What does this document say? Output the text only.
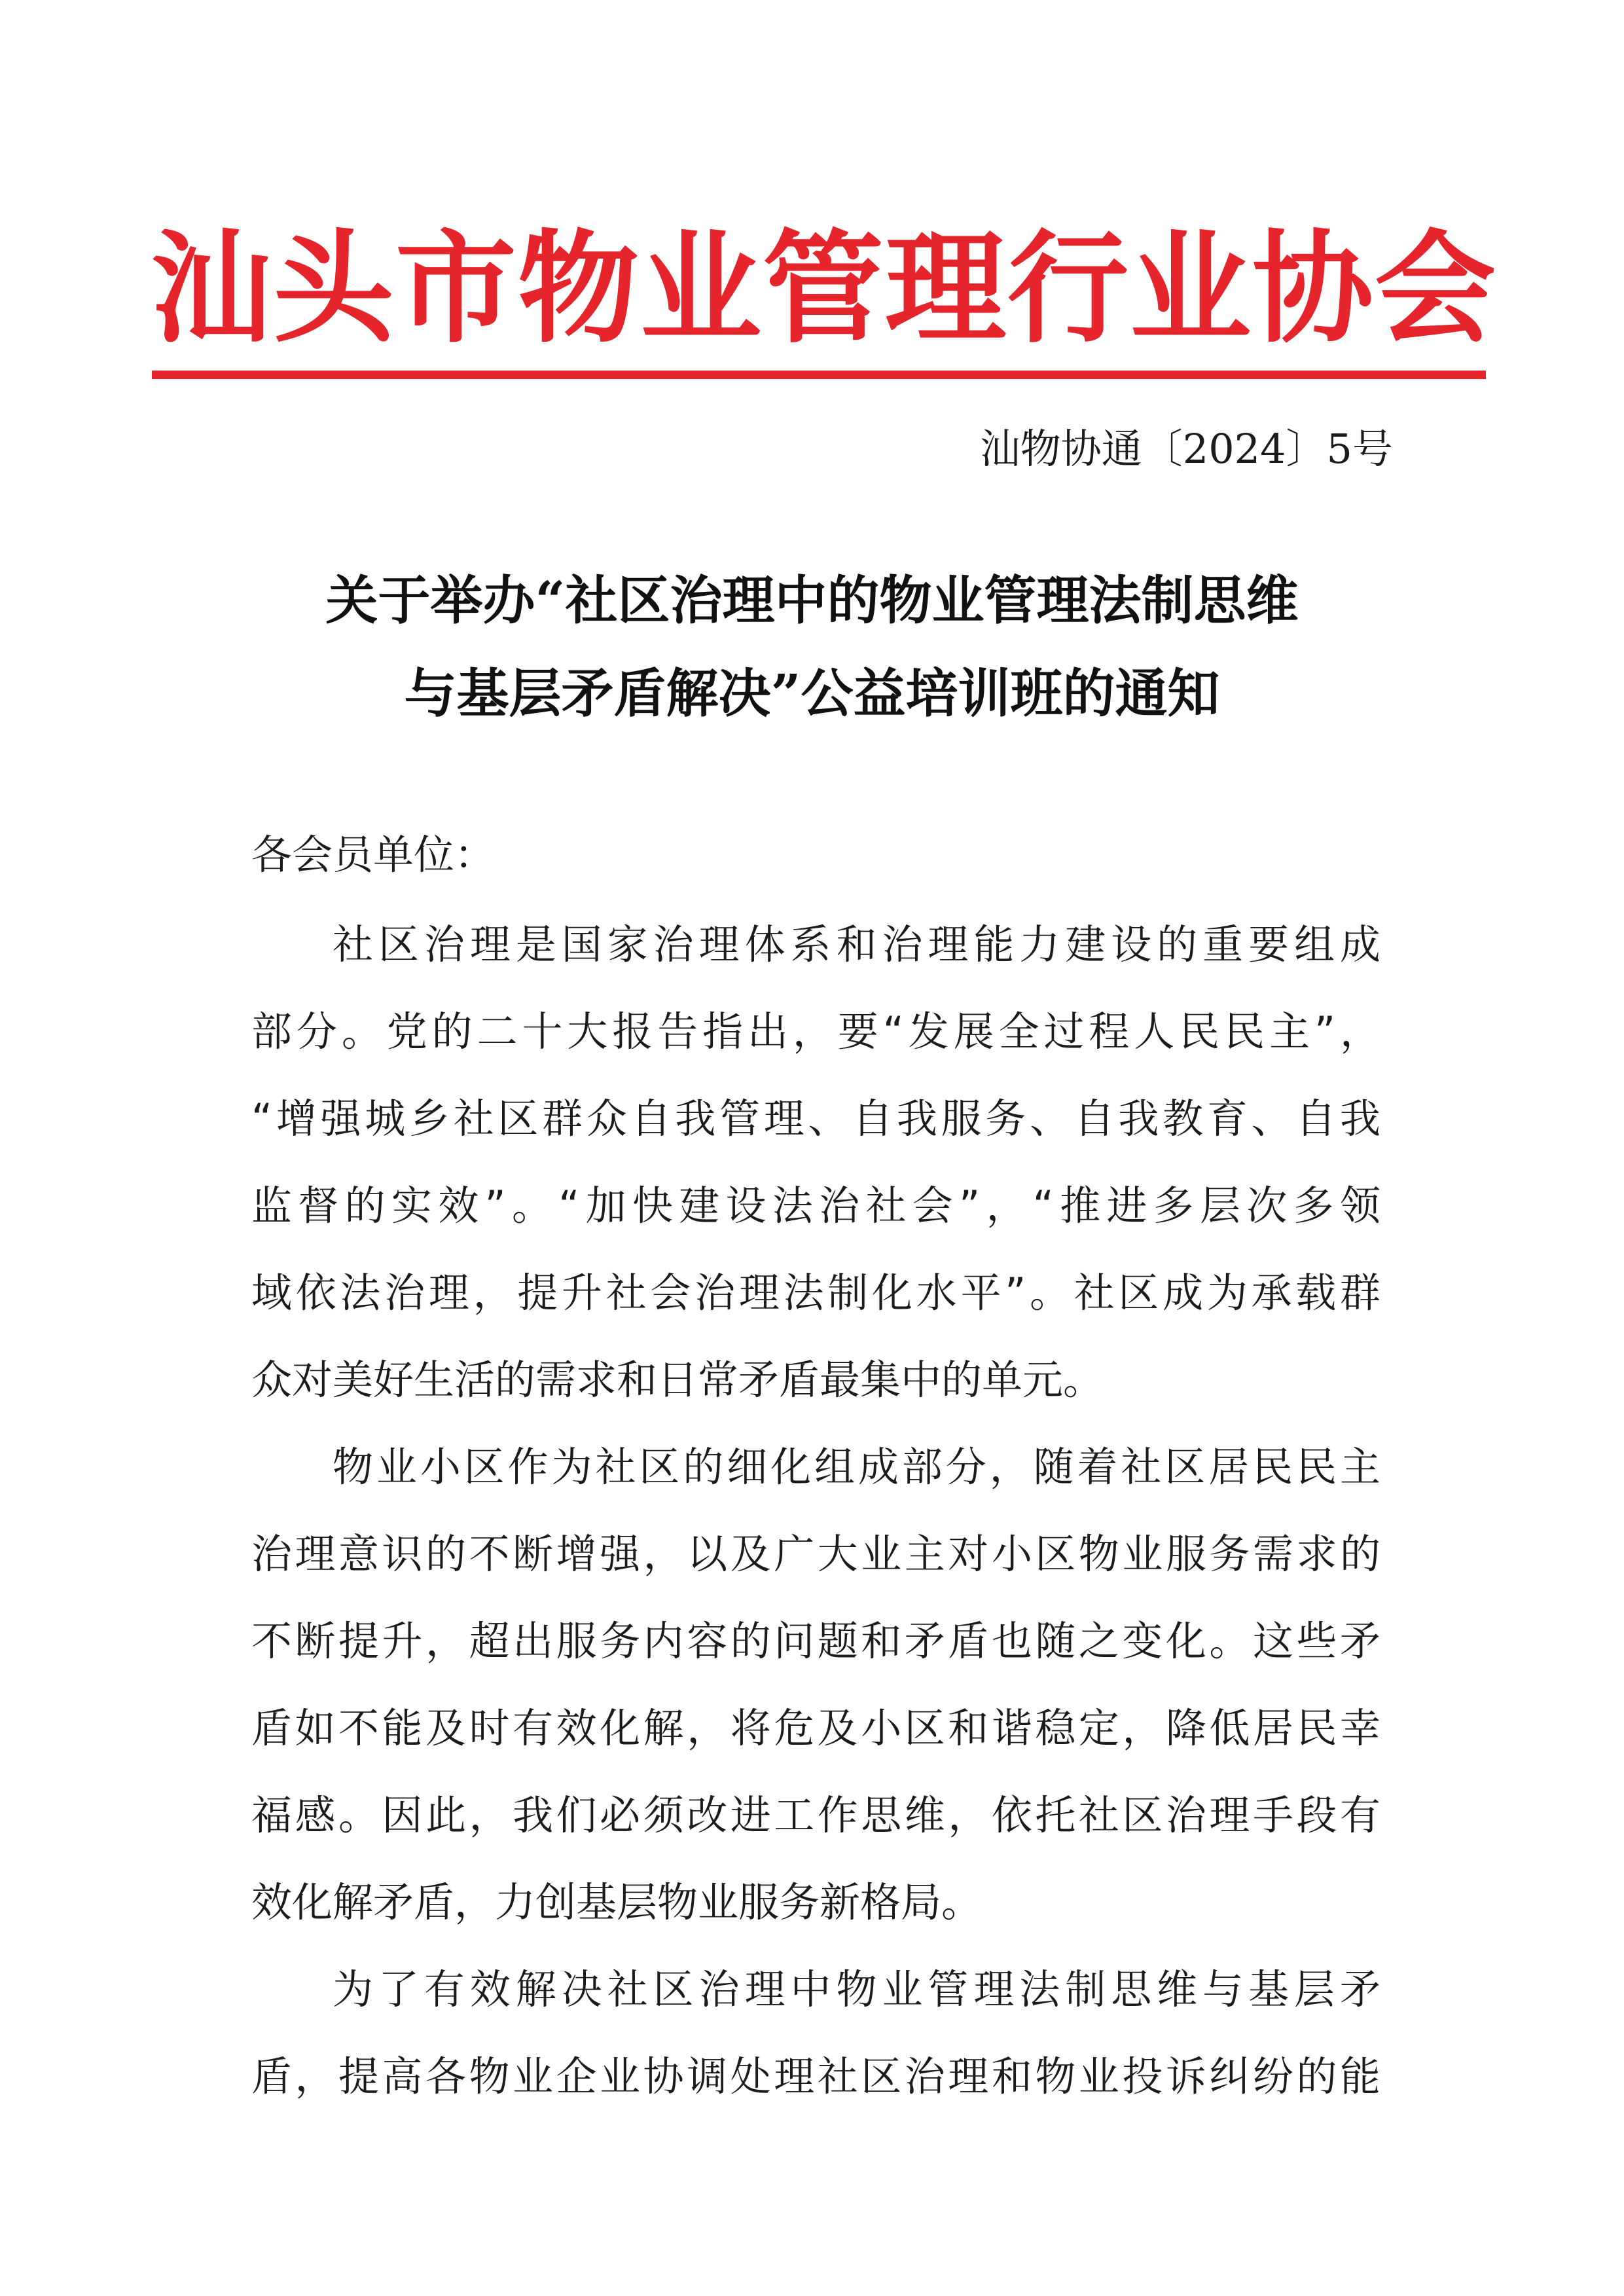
汕头市物业管理行业协会
汕物协通〔2024〕5号
关于举办“社区治理中的物业管理法制思维
与基层矛盾解决”公益培训班的通知
各会员单位：
社区治理是国家治理体系和治理能力建设的重要组成
部分。党的二十大报告指出，要“发展全过程人民民主”，
“增强城乡社区群众自我管理、自我服务、自我教育、自我
监督的实效”。“加快建设法治社会”，“推进多层次多领
域依法治理，提升社会治理法制化水平”。社区成为承载群
众对美好生活的需求和日常矛盾最集中的单元。
物业小区作为社区的细化组成部分，随着社区居民民主
治理意识的不断增强，以及广大业主对小区物业服务需求的
不断提升，超出服务内容的问题和矛盾也随之变化。这些矛
盾如不能及时有效化解，将危及小区和谐稳定，降低居民幸
福感。因此，我们必须改进工作思维，依托社区治理手段有
效化解矛盾，力创基层物业服务新格局。
为了有效解决社区治理中物业管理法制思维与基层矛
盾，提高各物业企业协调处理社区治理和物业投诉纠纷的能
